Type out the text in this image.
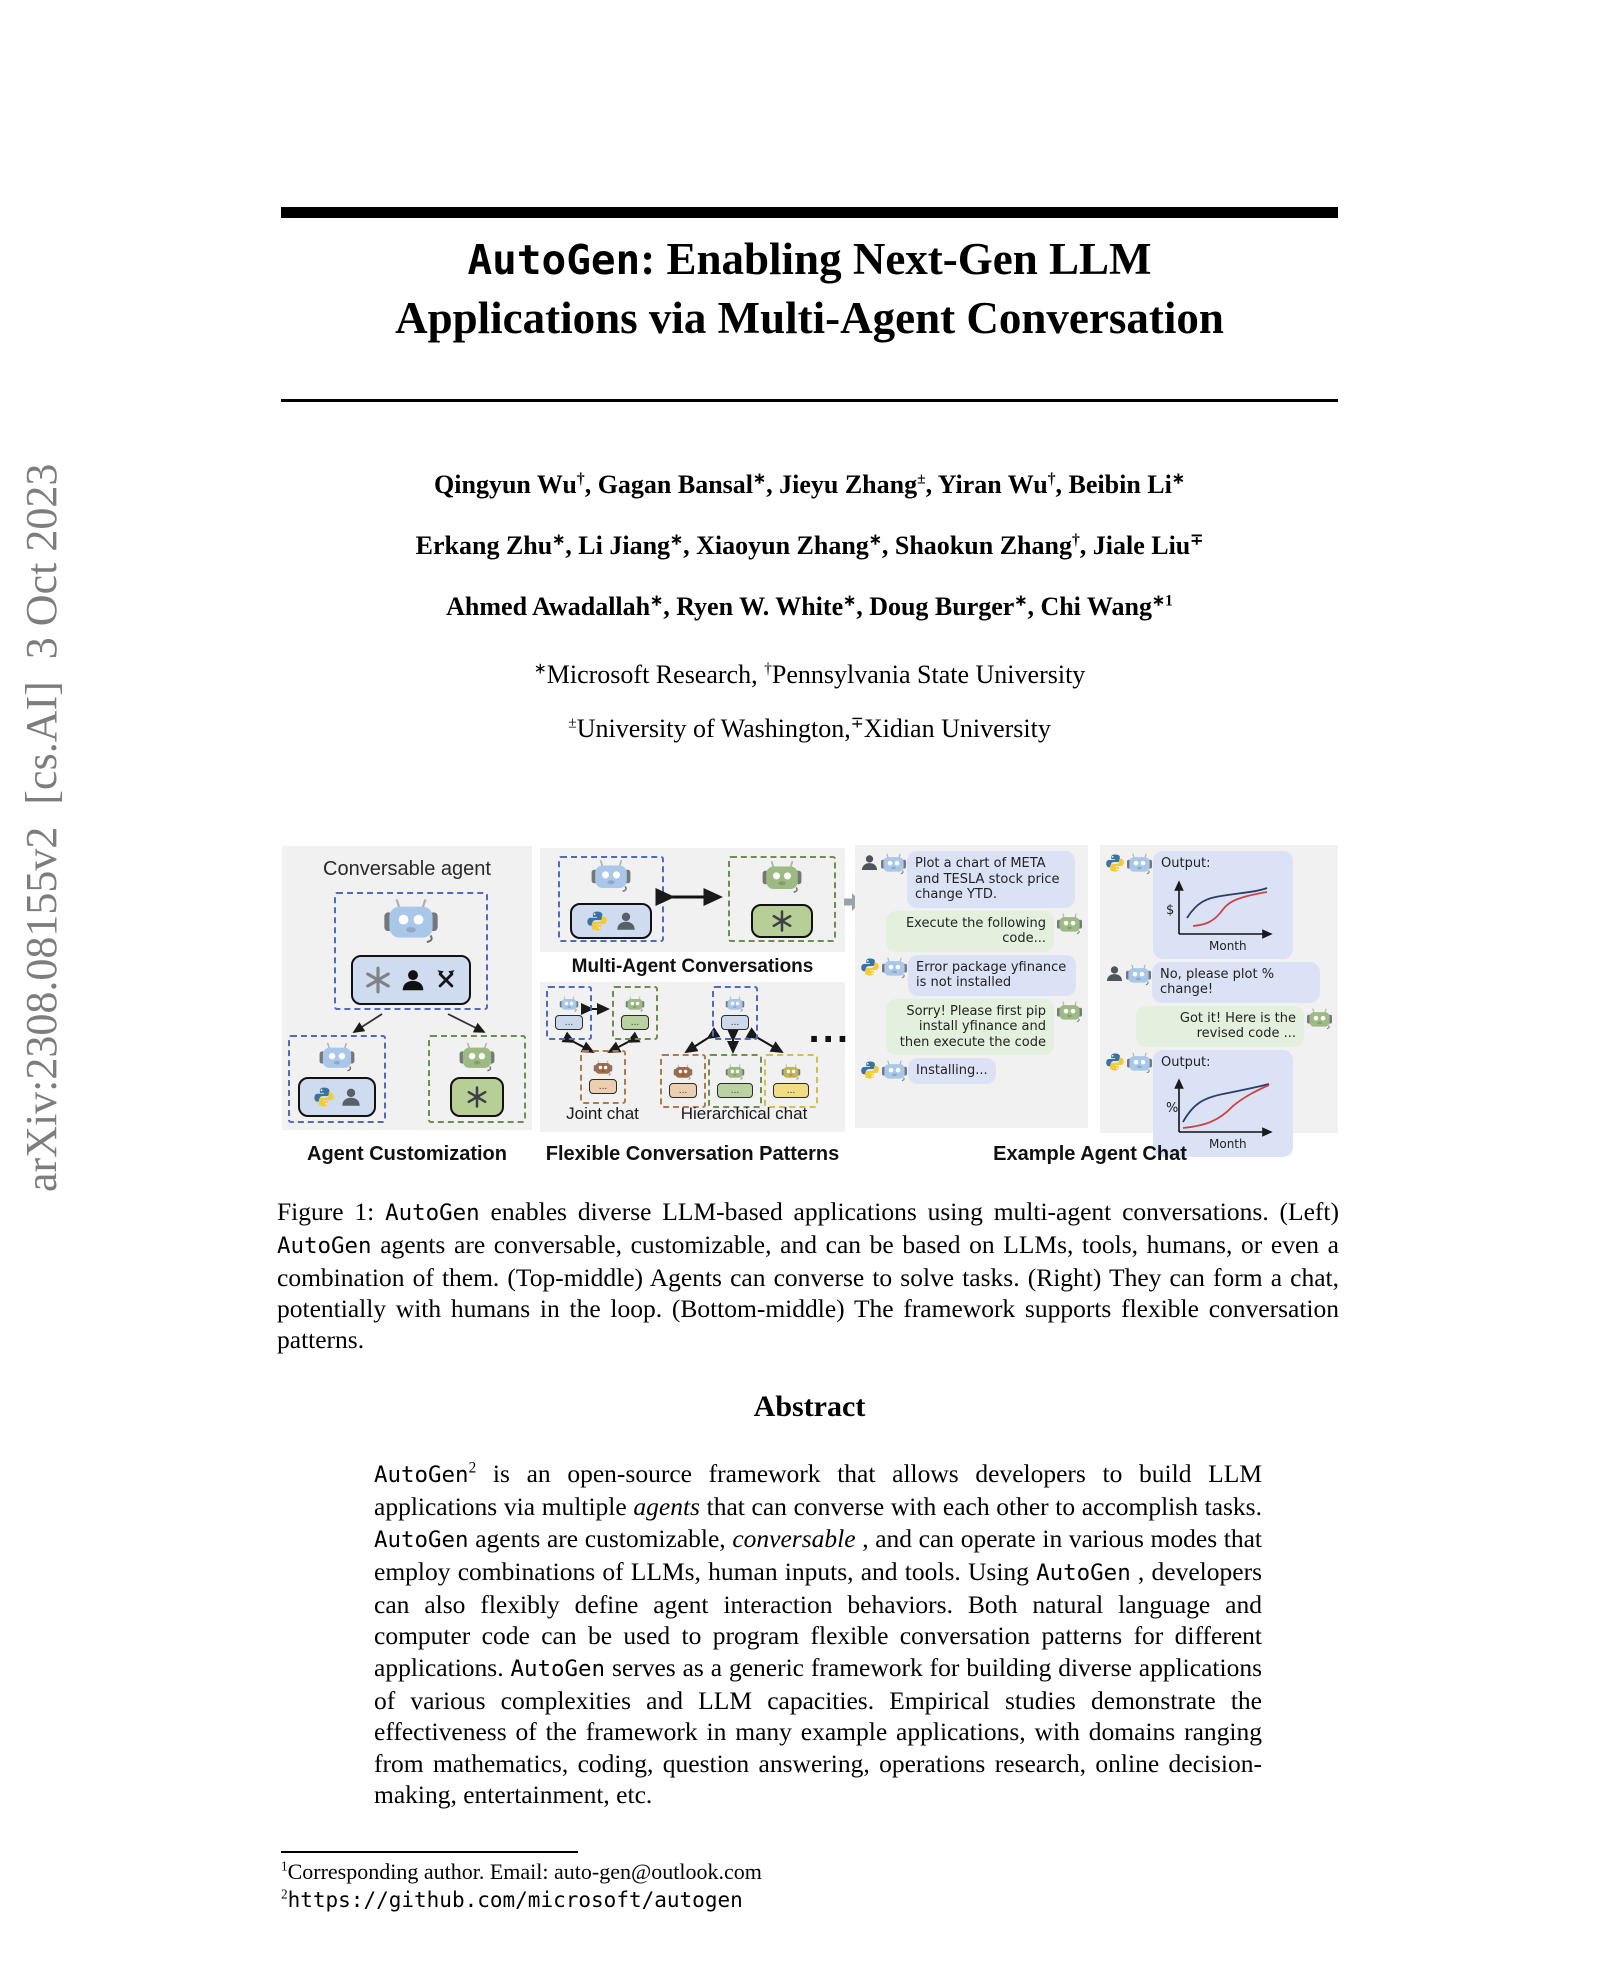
arXiv:2308.08155v2  [cs.AI]  3 Oct 2023
AutoGen: Enabling Next-Gen LLM
Applications via Multi-Agent Conversation
Qingyun Wu†, Gagan Bansal∗, Jieyu Zhang±, Yiran Wu†, Beibin Li∗
Erkang Zhu∗, Li Jiang∗, Xiaoyun Zhang∗, Shaokun Zhang†, Jiale Liu∓
Ahmed Awadallah∗, Ryen W. White∗, Doug Burger∗, Chi Wang$^{∗1}$
∗Microsoft Research, †Pennsylvania State University
±University of Washington,∓Xidian University
Conversable agent
Multi-Agent Conversations
...	...
...
...
...	...	...
...
Joint chat	Hierarchical chat
Plot a chart of META and TESLA stock price change YTD.
Execute the following code...
Error package yfinance is not installed
Sorry! Please first pip install yfinance and then execute the code
Installing...
Output:
$
Month
No, please plot % change!
Got it! Here is the revised code ...
Output:
%
Month
Agent Customization	Flexible Conversation Patterns	Example Agent Chat

Figure 1: AutoGen enables diverse LLM-based applications using multi-agent conversations. (Left) AutoGen agents are conversable, customizable, and can be based on LLMs, tools, humans, or even a combination of them. (Top-middle) Agents can converse to solve tasks. (Right) They can form a chat, potentially with humans in the loop. (Bottom-middle) The framework supports flexible conversation patterns.

Abstract

AutoGen$^2$ is an open-source framework that allows developers to build LLM applications via multiple agents that can converse with each other to accomplish tasks. AutoGen agents are customizable, conversable , and can operate in various modes that employ combinations of LLMs, human inputs, and tools. Using AutoGen , developers can also flexibly define agent interaction behaviors. Both natural language and computer code can be used to program flexible conversation patterns for different applications. AutoGen serves as a generic framework for building diverse applications of various complexities and LLM capacities. Empirical studies demonstrate the effectiveness of the framework in many example applications, with domains ranging from mathematics, coding, question answering, operations research, online decision-making, entertainment, etc.

$^1$Corresponding author. Email: auto-gen@outlook.com
$^2$https://github.com/microsoft/autogen
